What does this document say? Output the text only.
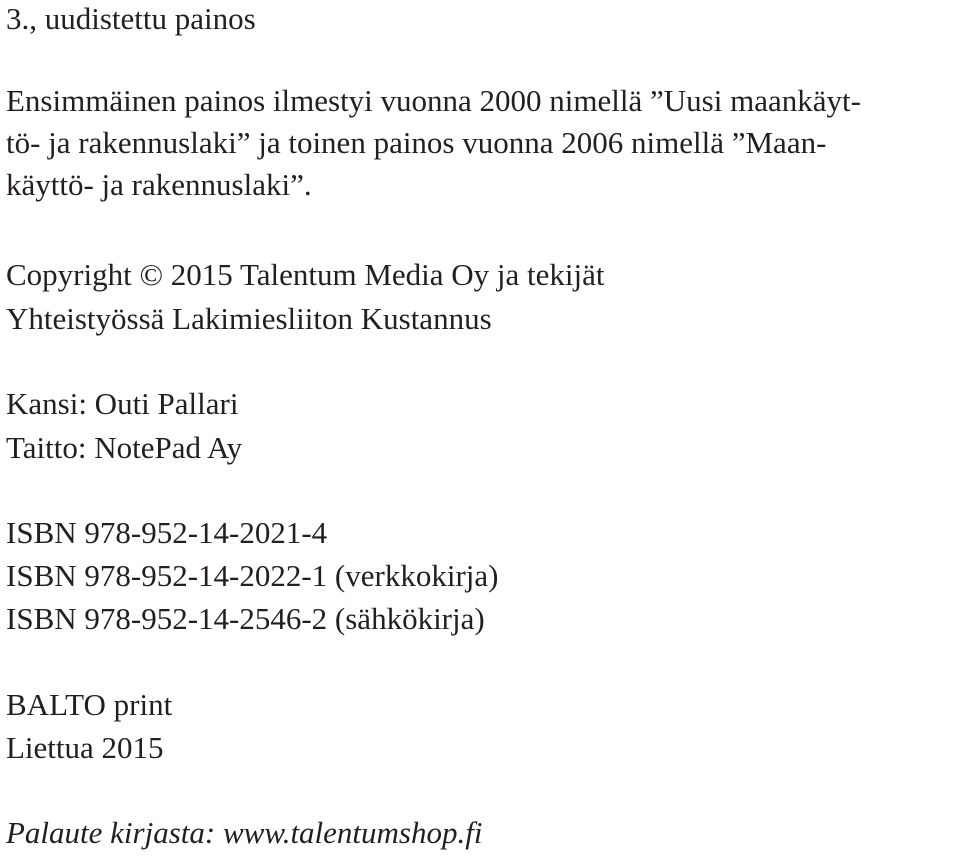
3., uudistettu painos

Ensimmäinen painos ilmestyi vuonna 2000 nimellä ”Uusi maankäyt-

tö- ja rakennuslaki” ja toinen painos vuonna 2006 nimellä ”Maan-

käyttö- ja rakennuslaki”.

Copyright © 2015 Talentum Media Oy ja tekijät

Yhteistyössä Lakimiesliiton Kustannus

Kansi: Outi Pallari

Taitto: NotePad Ay

ISBN 978-952-14-2021-4

ISBN 978-952-14-2022-1 (verkkokirja)

ISBN 978-952-14-2546-2 (sähkökirja)

BALTO print

Liettua 2015

Palaute kirjasta: www.talentumshop.fi
